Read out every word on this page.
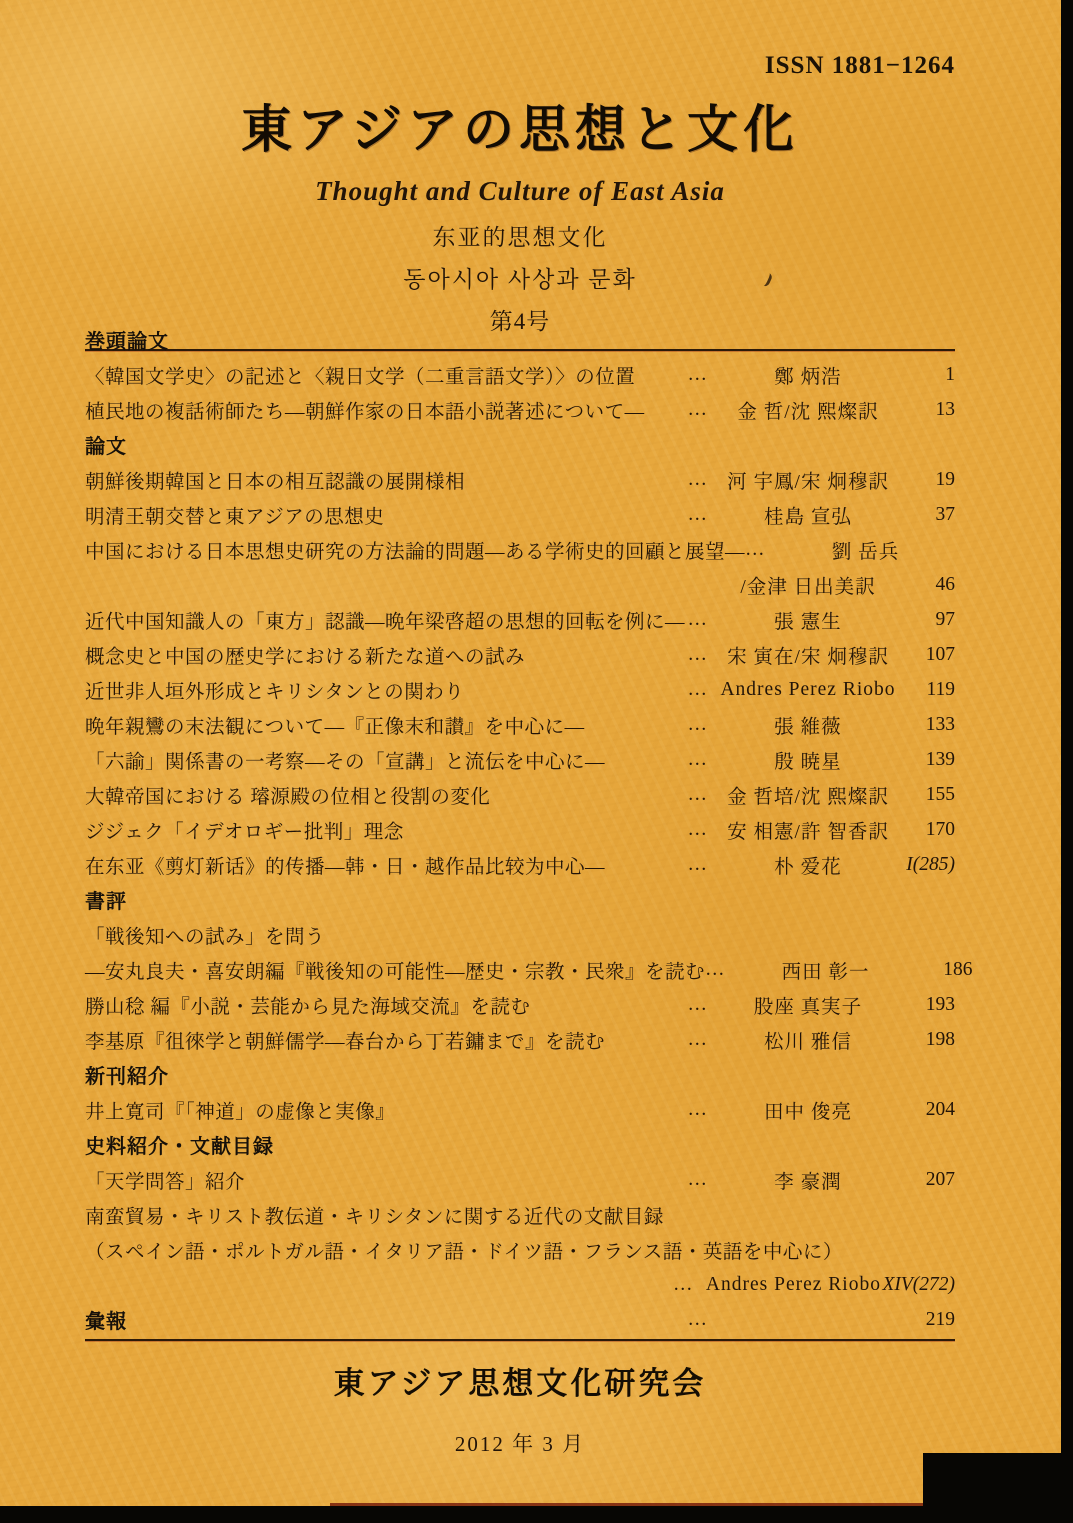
ISSN 1881−1264
東アジアの思想と文化
Thought and Culture of East Asia
东亚的思想文化
동아시아 사상과 문화
第4号
巻頭論文
〈韓国文学史〉の記述と〈親日文学（二重言語文学）〉の位置	…	鄭 炳浩	1
植民地の複話術師たち―朝鮮作家の日本語小説著述について― …	金 哲/沈 熙燦訳	13
論文
朝鮮後期韓国と日本の相互認識の展開様相	… 河 宇鳳/宋 炯穆訳	19
明清王朝交替と東アジアの思想史	…	桂島 宣弘	37
中国における日本思想史研究の方法論的問題―ある学術史的回顧と展望― …	劉 岳兵
/金津 日出美訳	46
近代中国知識人の「東方」認識―晩年梁啓超の思想的回転を例に― …	張 憲生	97
概念史と中国の歴史学における新たな道への試み	… 宋 寅在/宋 炯穆訳	107
近世非人垣外形成とキリシタンとの関わり	… Andres Perez Riobo	119
晩年親鸞の末法観について―『正像末和讃』を中心に―	…	張 維薇	133
「六諭」関係書の一考察―その「宣講」と流伝を中心に―	…	殷 暁星	139
大韓帝国における 璿源殿の位相と役割の変化	… 金 哲培/沈 熙燦訳	155
ジジェク「イデオロギー批判」理念	… 安 相憲/許 智香訳	170
在东亚《剪灯新话》的传播―韩・日・越作品比较为中心―	…	朴 爱花	I(285)
書評
「戦後知への試み」を問う
―安丸良夫・喜安朗編『戦後知の可能性―歴史・宗教・民衆』を読む …	西田 彰一	186
勝山稔 編『小説・芸能から見た海域交流』を読む	…	股座 真実子	193
李基原『徂徠学と朝鮮儒学―春台から丁若鏞まで』を読む	…	松川 雅信	198
新刊紹介
井上寛司『「神道」の虚像と実像』	…	田中 俊亮	204
史料紹介・文献目録
「天学問答」紹介	…	李 豪潤	207
南蛮貿易・キリスト教伝道・キリシタンに関する近代の文献目録
（スペイン語・ポルトガル語・イタリア語・ドイツ語・フランス語・英語を中心に）
… Andres Perez Riobo XIV(272)
彙報	…	219
東アジア思想文化研究会
2012 年 3 月
